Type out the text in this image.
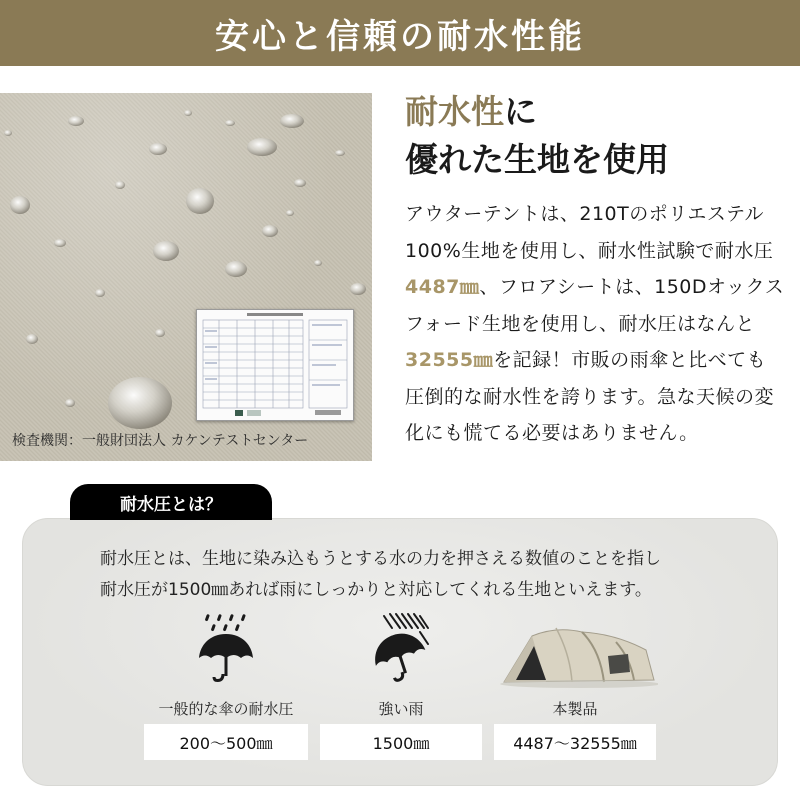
安心と信頼の耐水性能
検査機関：一般財団法人 カケンテストセンター
耐水性に
優れた生地を使用

アウターテントは、210Tのポリエステル100%生地を使用し、耐水性試験で耐水圧4487㎜、フロアシートは、150Dオックスフォード生地を使用し、耐水圧はなんと32555㎜を記録！市販の雨傘と比べても圧倒的な耐水性を誇ります。急な天候の変化にも慌てる必要はありません。

耐水圧とは？
耐水圧とは、生地に染み込もうとする水の力を押さえる数値のことを指し
耐水圧が1500㎜あれば雨にしっかりと対応してくれる生地といえます。
一般的な傘の耐水圧	強い雨	本製品
200〜500㎜	1500㎜	4487〜32555㎜
